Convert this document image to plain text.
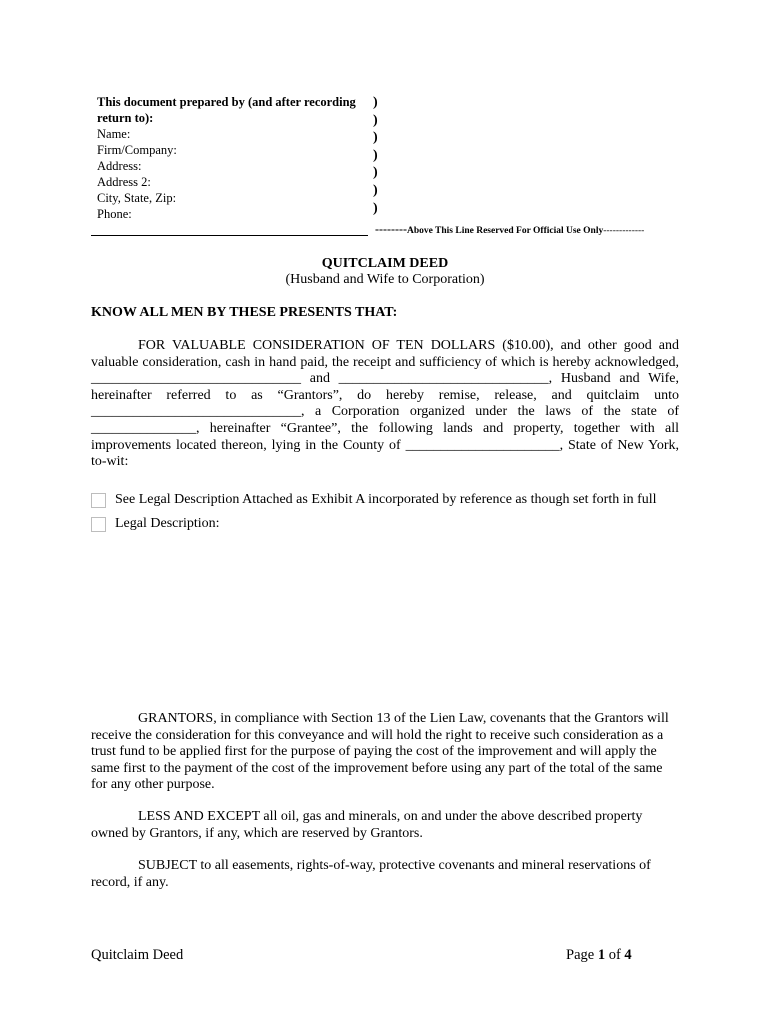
This document prepared by (and after recording
return to):
Name:
Firm/Company:
Address:
Address 2:
City, State, Zip:
Phone:
)
)
)
)
)
)
)
--------Above This Line Reserved For Official Use Only-------------
QUITCLAIM DEED
(Husband and Wife to Corporation)
KNOW ALL MEN BY THESE PRESENTS THAT:
FOR VALUABLE CONSIDERATION OF TEN DOLLARS ($10.00), and other good and valuable consideration, cash in hand paid, the receipt and sufficiency of which is hereby acknowledged, ______________________________ and ______________________________, Husband and Wife, hereinafter referred to as “Grantors”, do hereby remise, release, and quitclaim unto ______________________________, a Corporation organized under the laws of the state of _______________, hereinafter “Grantee”, the following lands and property, together with all improvements located thereon, lying in the County of ______________________, State of New York, to-wit:
See Legal Description Attached as Exhibit A incorporated by reference as though set forth in full
Legal Description:
GRANTORS, in compliance with Section 13 of the Lien Law, covenants that the Grantors will receive the consideration for this conveyance and will hold the right to receive such consideration as a trust fund to be applied first for the purpose of paying the cost of the improvement and will apply the same first to the payment of the cost of the improvement before using any part of the total of the same for any other purpose.
LESS AND EXCEPT all oil, gas and minerals, on and under the above described property owned by Grantors, if any, which are reserved by Grantors.
SUBJECT to all easements, rights-of-way, protective covenants and mineral reservations of record, if any.
Quitclaim Deed	Page 1 of 4
